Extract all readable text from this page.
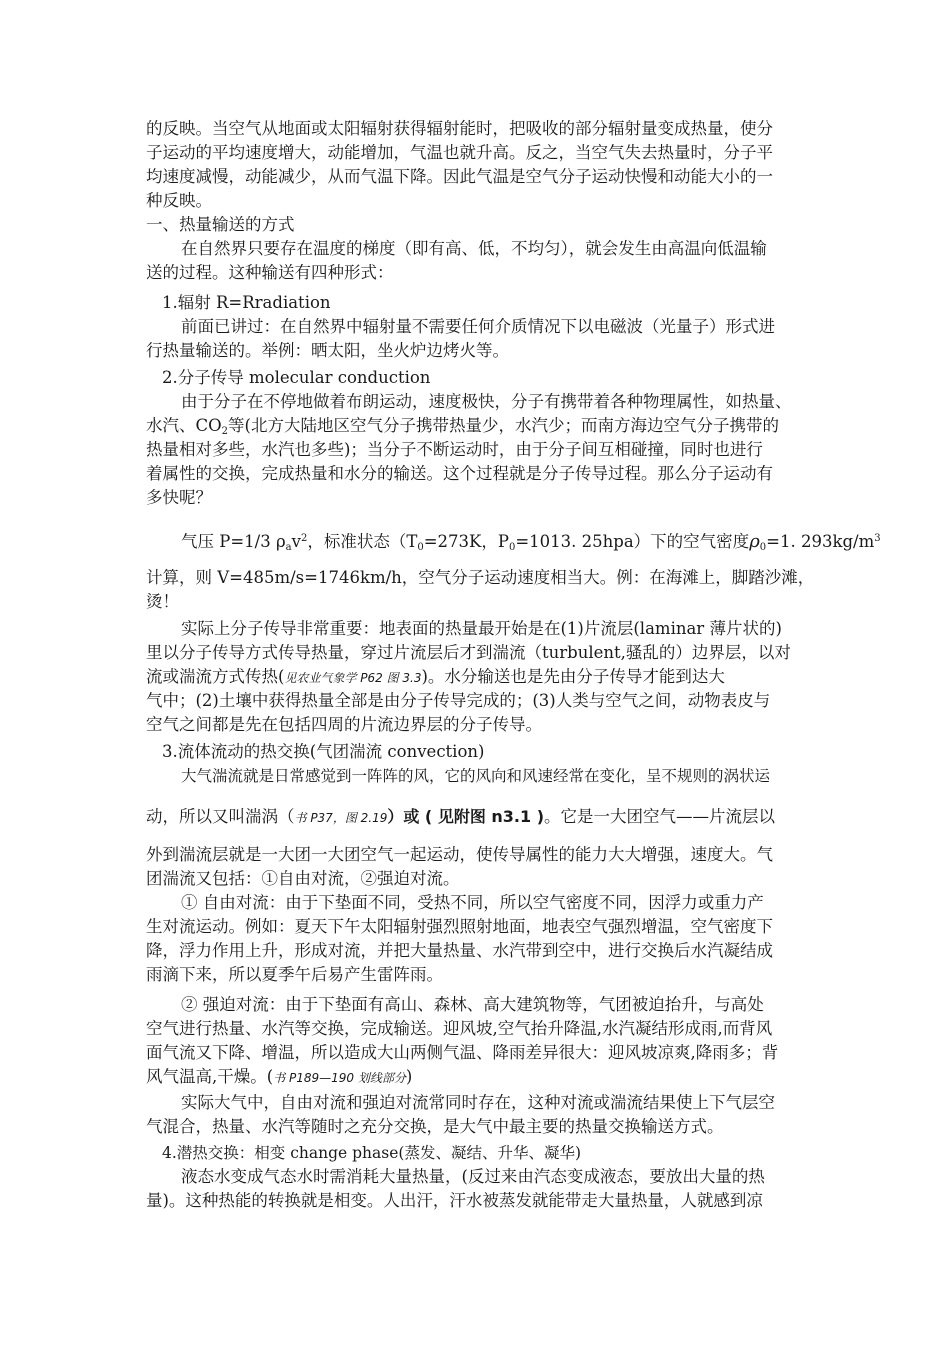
的反映。当空气从地面或太阳辐射获得辐射能时，把吸收的部分辐射量变成热量，使分
子运动的平均速度增大，动能增加，气温也就升高。反之，当空气失去热量时，分子平
均速度减慢，动能减少，从而气温下降。因此气温是空气分子运动快慢和动能大小的一
种反映。
一、热量输送的方式
在自然界只要存在温度的梯度（即有高、低，不均匀），就会发生由高温向低温输
送的过程。这种输送有四种形式：
1.辐射 R=Rradiation
前面已讲过：在自然界中辐射量不需要任何介质情况下以电磁波（光量子）形式进
行热量输送的。举例：晒太阳，坐火炉边烤火等。
2.分子传导 molecular conduction
由于分子在不停地做着布朗运动，速度极快，分子有携带着各种物理属性，如热量、
水汽、$CO_2$等(北方大陆地区空气分子携带热量少，水汽少；而南方海边空气分子携带的
热量相对多些，水汽也多些)；当分子不断运动时，由于分子间互相碰撞，同时也进行
着属性的交换，完成热量和水分的输送。这个过程就是分子传导过程。那么分子运动有
多快呢？
气压 P=1/3 $\rho_av^2$，标准状态（$T_0=273K$，$P_0=1013$. 25hpa）下的空气密度$\rho_0=1$. $293kg/m^3$
计算，则 V=485m/s=1746km/h，空气分子运动速度相当大。例：在海滩上，脚踏沙滩，
烫！
实际上分子传导非常重要：地表面的热量最开始是在(1)片流层(laminar 薄片状的)
里以分子传导方式传导热量，穿过片流层后才到湍流（turbulent,骚乱的）边界层，以对
流或湍流方式传热(见农业气象学 P62 图 3.3)。水分输送也是先由分子传导才能到达大
气中；(2)土壤中获得热量全部是由分子传导完成的；(3)人类与空气之间，动物表皮与
空气之间都是先在包括四周的片流边界层的分子传导。
3.流体流动的热交换(气团湍流 convection)
大气湍流就是日常感觉到一阵阵的风，它的风向和风速经常在变化，呈不规则的涡状运
动，所以又叫湍涡（书 P37，图 2.19）或 ( 见附图 n3.1 )。它是一大团空气——片流层以
外到湍流层就是一大团一大团空气一起运动，使传导属性的能力大大增强，速度大。气
团湍流又包括：①自由对流，②强迫对流。
① 自由对流：由于下垫面不同，受热不同，所以空气密度不同，因浮力或重力产
生对流运动。例如：夏天下午太阳辐射强烈照射地面，地表空气强烈增温，空气密度下
降，浮力作用上升，形成对流，并把大量热量、水汽带到空中，进行交换后水汽凝结成
雨滴下来，所以夏季午后易产生雷阵雨。
② 强迫对流：由于下垫面有高山、森林、高大建筑物等，气团被迫抬升，与高处
空气进行热量、水汽等交换，完成输送。迎风坡,空气抬升降温,水汽凝结形成雨,而背风
面气流又下降、增温，所以造成大山两侧气温、降雨差异很大：迎风坡凉爽,降雨多；背
风气温高,干燥。(书 P189—190 划线部分)
实际大气中，自由对流和强迫对流常同时存在，这种对流或湍流结果使上下气层空
气混合，热量、水汽等随时之充分交换，是大气中最主要的热量交换输送方式。
4.潜热交换：相变 change phase(蒸发、凝结、升华、凝华)
液态水变成气态水时需消耗大量热量，(反过来由汽态变成液态，要放出大量的热
量)。这种热能的转换就是相变。人出汗，汗水被蒸发就能带走大量热量，人就感到凉
